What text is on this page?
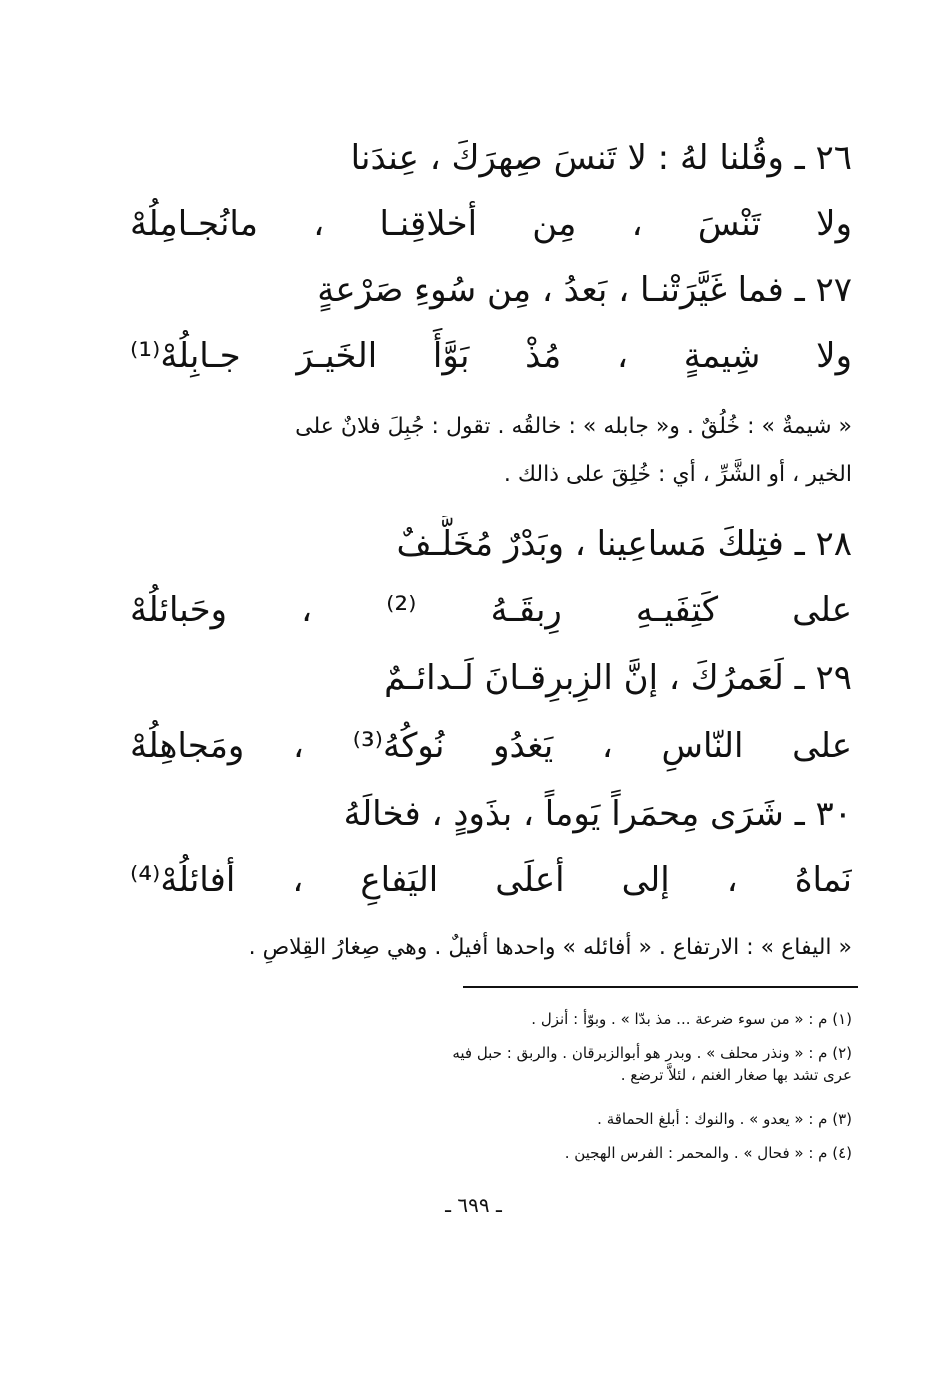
٢٦ ـ وقُلنا لهُ : لا تَنسَ صِهرَكَ ، عِندَنا
ولا تَنْسَ ، مِن أخلاقِنـا ، مانُجـامِلُهْ
٢٧ ـ فما غَيَّرَتْنـا ، بَعدُ ، مِن سُوءِ صَرْعةٍ
ولا شِيمةٍ ، مُذْ بَوَّأَ الخَيـرَ جـابِلُهْ⁽¹⁾
« شيمةٌ » : خُلُقٌ . و« جابله » : خالقُه . تقول : جُبِلَ فلانٌ على
الخير ، أو الشَّرِّ ، أي : خُلِقَ على ذالك .
٢٨ ـ فتِلكَ مَساعِينا ، وبَدْرٌ مُخَلَّـفٌ
على كَتِفَيـهِ رِبقَـهُ ⁽²⁾ ، وحَبائلُهْ
٢٩ ـ لَعَمرُكَ ، إنَّ الزِبرِقـانَ لَـدائـمٌ
على النّاسِ ، يَغدُو نُوكُهُ⁽³⁾ ، ومَجاهِلُهْ
٣٠ ـ شَرَى مِحمَراً يَوماً ، بذَودٍ ، فخالَهُ
نَماهُ ، إلى أعلَى اليَفاعِ ، أفائلُهْ⁽⁴⁾
« اليفاع » : الارتفاع . « أفائله » واحدها أفيلٌ . وهي صِغارُ القِلاصِ .
(١) م : « من سوء ضرعة ... مذ بدّا » . وبوّأ : أنزل .
(٢) م : « ونذر محلف » . وبدر هو أبوالزبرقان . والربق : حبل فيه عرى تشد بها صغار الغنم ، لئلاَّ ترضع .
(٣) م : « يعدو » . والنوك : أبلغ الحماقة .
(٤) م : « فحال » . والمحمر : الفرس الهجين .
ـ ٦٩٩ ـ
